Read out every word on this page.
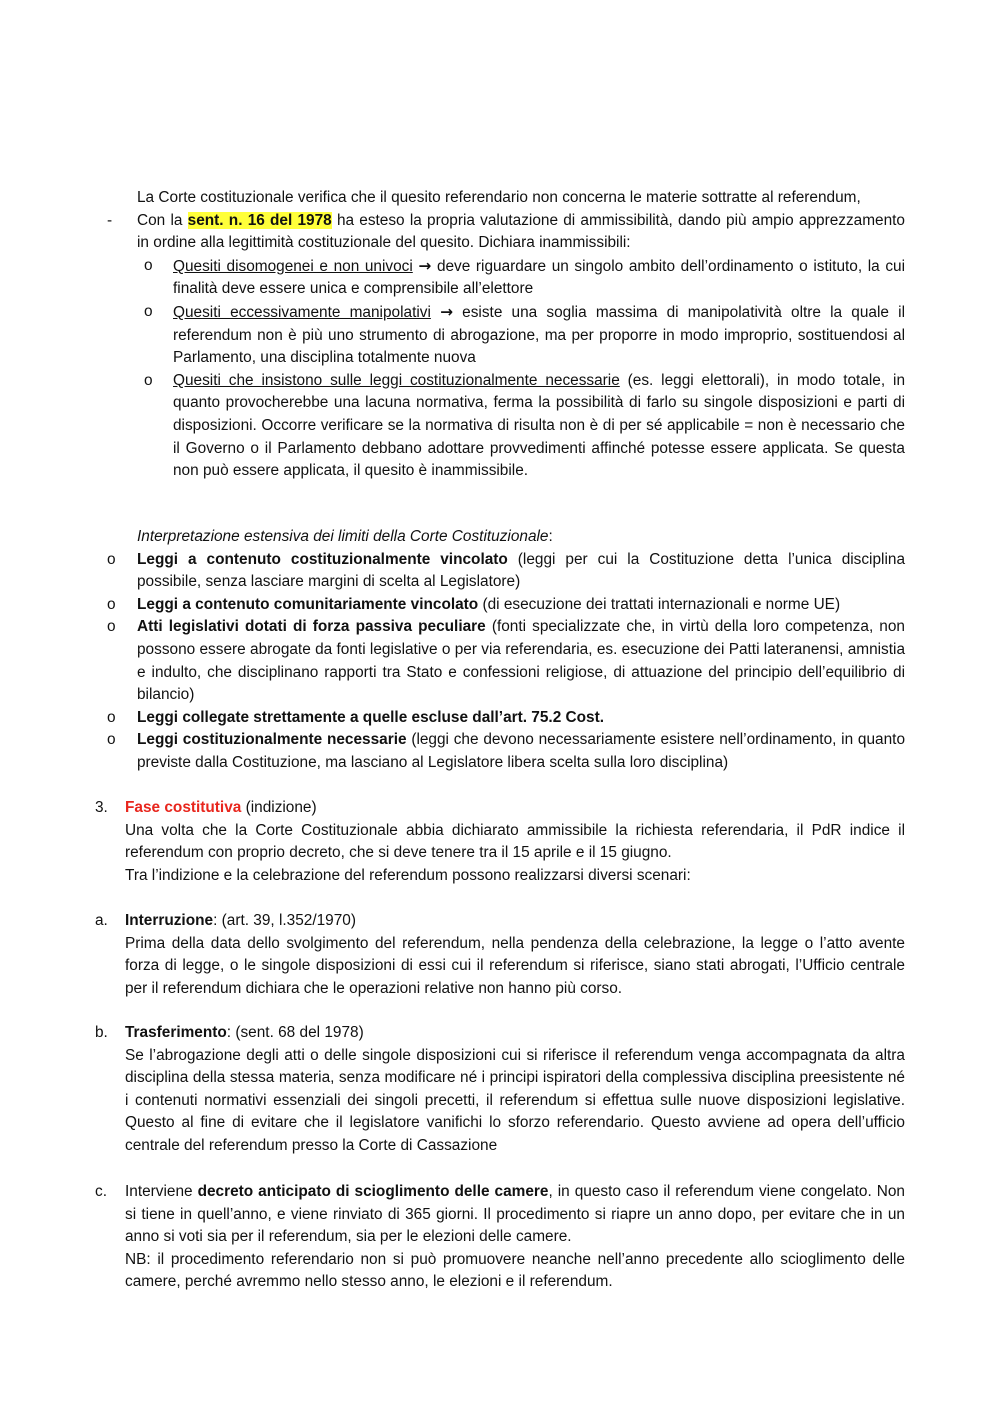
La Corte costituzionale verifica che il quesito referendario non concerna le materie sottratte al referendum,
- Con la sent. n. 16 del 1978 ha esteso la propria valutazione di ammissibilità, dando più ampio apprezzamento in ordine alla legittimità costituzionale del quesito. Dichiara inammissibili:
o Quesiti disomogenei e non univoci → deve riguardare un singolo ambito dell’ordinamento o istituto, la cui finalità deve essere unica e comprensibile all’elettore
o Quesiti eccessivamente manipolativi → esiste una soglia massima di manipolatività oltre la quale il referendum non è più uno strumento di abrogazione, ma per proporre in modo improprio, sostituendosi al Parlamento, una disciplina totalmente nuova
o Quesiti che insistono sulle leggi costituzionalmente necessarie (es. leggi elettorali), in modo totale, in quanto provocherebbe una lacuna normativa, ferma la possibilità di farlo su singole disposizioni e parti di disposizioni. Occorre verificare se la normativa di risulta non è di per sé applicabile = non è necessario che il Governo o il Parlamento debbano adottare provvedimenti affinché potesse essere applicata. Se questa non può essere applicata, il quesito è inammissibile.
Interpretazione estensiva dei limiti della Corte Costituzionale:
o Leggi a contenuto costituzionalmente vincolato (leggi per cui la Costituzione detta l’unica disciplina possibile, senza lasciare margini di scelta al Legislatore)
o Leggi a contenuto comunitariamente vincolato (di esecuzione dei trattati internazionali e norme UE)
o Atti legislativi dotati di forza passiva peculiare (fonti specializzate che, in virtù della loro competenza, non possono essere abrogate da fonti legislative o per via referendaria, es. esecuzione dei Patti lateranensi, amnistia e indulto, che disciplinano rapporti tra Stato e confessioni religiose, di attuazione del principio dell’equilibrio di bilancio)
o Leggi collegate strettamente a quelle escluse dall’art. 75.2 Cost.
o Leggi costituzionalmente necessarie (leggi che devono necessariamente esistere nell’ordinamento, in quanto previste dalla Costituzione, ma lasciano al Legislatore libera scelta sulla loro disciplina)
3. Fase costitutiva (indizione)
Una volta che la Corte Costituzionale abbia dichiarato ammissibile la richiesta referendaria, il PdR indice il referendum con proprio decreto, che si deve tenere tra il 15 aprile e il 15 giugno.
Tra l’indizione e la celebrazione del referendum possono realizzarsi diversi scenari:
a. Interruzione: (art. 39, l.352/1970)
Prima della data dello svolgimento del referendum, nella pendenza della celebrazione, la legge o l’atto avente forza di legge, o le singole disposizioni di essi cui il referendum si riferisce, siano stati abrogati, l’Ufficio centrale per il referendum dichiara che le operazioni relative non hanno più corso.
b. Trasferimento: (sent. 68 del 1978)
Se l’abrogazione degli atti o delle singole disposizioni cui si riferisce il referendum venga accompagnata da altra disciplina della stessa materia, senza modificare né i principi ispiratori della complessiva disciplina preesistente né i contenuti normativi essenziali dei singoli precetti, il referendum si effettua sulle nuove disposizioni legislative. Questo al fine di evitare che il legislatore vanifichi lo sforzo referendario. Questo avviene ad opera dell’ufficio centrale del referendum presso la Corte di Cassazione
c. Interviene decreto anticipato di scioglimento delle camere, in questo caso il referendum viene congelato. Non si tiene in quell’anno, e viene rinviato di 365 giorni. Il procedimento si riapre un anno dopo, per evitare che in un anno si voti sia per il referendum, sia per le elezioni delle camere.
NB: il procedimento referendario non si può promuovere neanche nell’anno precedente allo scioglimento delle camere, perché avremmo nello stesso anno, le elezioni e il referendum.
